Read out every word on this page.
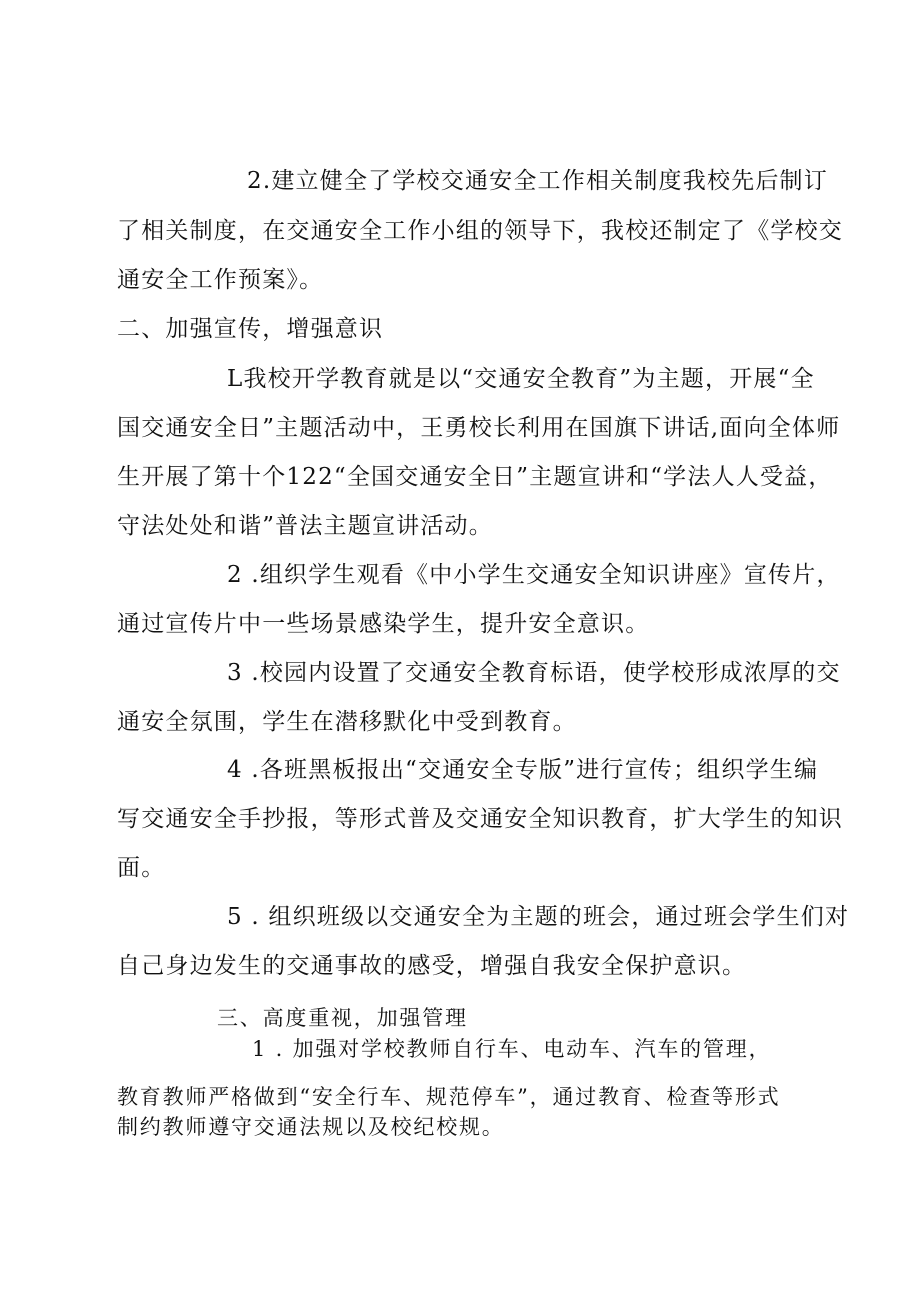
2.建立健全了学校交通安全工作相关制度我校先后制订
了相关制度，在交通安全工作小组的领导下，我校还制定了《学校交
通安全工作预案》。
二、加强宣传，增强意识
L我校开学教育就是以“交通安全教育”为主题，开展“全
国交通安全日”主题活动中，王勇校长利用在国旗下讲话,面向全体师
生开展了第十个122“全国交通安全日”主题宣讲和“学法人人受益，
守法处处和谐”普法主题宣讲活动。
2 .组织学生观看《中小学生交通安全知识讲座》宣传片，
通过宣传片中一些场景感染学生，提升安全意识。
3 .校园内设置了交通安全教育标语，使学校形成浓厚的交
通安全氛围，学生在潜移默化中受到教育。
4 .各班黑板报出“交通安全专版”进行宣传；组织学生编
写交通安全手抄报，等形式普及交通安全知识教育，扩大学生的知识
面。
5 . 组织班级以交通安全为主题的班会，通过班会学生们对
自己身边发生的交通事故的感受，增强自我安全保护意识。
三、高度重视，加强管理
1 . 加强对学校教师自行车、电动车、汽车的管理，
教育教师严格做到“安全行车、规范停车”，通过教育、检查等形式
制约教师遵守交通法规以及校纪校规。
